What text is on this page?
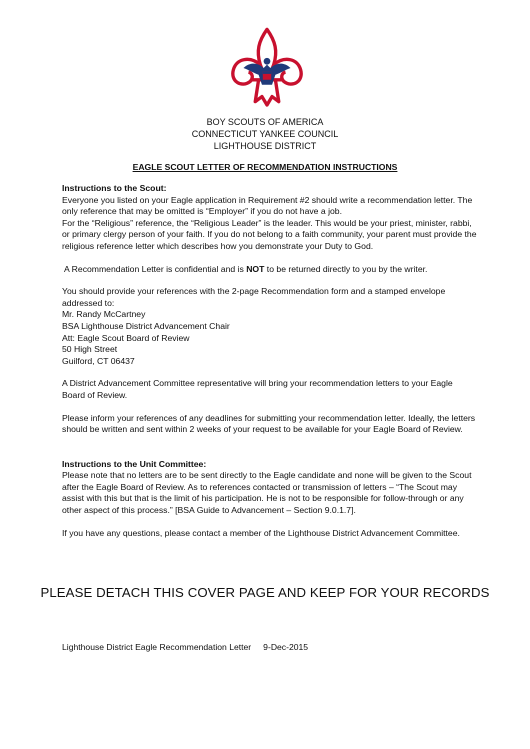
BOY SCOUTS OF AMERICA
CONNECTICUT YANKEE COUNCIL
LIGHTHOUSE DISTRICT
EAGLE SCOUT LETTER OF RECOMMENDATION INSTRUCTIONS

Instructions to the Scout:

Everyone you listed on your Eagle application in Requirement #2 should write a recommendation letter. The only reference that may be omitted is “Employer” if you do not have a job.

For the “Religious” reference, the “Religious Leader” is the leader. This would be your priest, minister, rabbi, or primary clergy person of your faith. If you do not belong to a faith community, your parent must provide the religious reference letter which describes how you demonstrate your Duty to God.

A Recommendation Letter is confidential and is NOT to be returned directly to you by the writer.

You should provide your references with the 2-page Recommendation form and a stamped envelope addressed to:

Mr. Randy McCartney
BSA Lighthouse District Advancement Chair
Att: Eagle Scout Board of Review
50 High Street
Guilford, CT 06437

A District Advancement Committee representative will bring your recommendation letters to your Eagle Board of Review.

Please inform your references of any deadlines for submitting your recommendation letter. Ideally, the letters should be written and sent within 2 weeks of your request to be available for your Eagle Board of Review.

Instructions to the Unit Committee:

Please note that no letters are to be sent directly to the Eagle candidate and none will be given to the Scout after the Eagle Board of Review. As to references contacted or transmission of letters – “The Scout may assist with this but that is the limit of his participation. He is not to be responsible for follow-through or any other aspect of this process.” [BSA Guide to Advancement – Section 9.0.1.7].

If you have any questions, please contact a member of the Lighthouse District Advancement Committee.

PLEASE DETACH THIS COVER PAGE AND KEEP FOR YOUR RECORDS
Lighthouse District Eagle Recommendation Letter 9-Dec-2015
